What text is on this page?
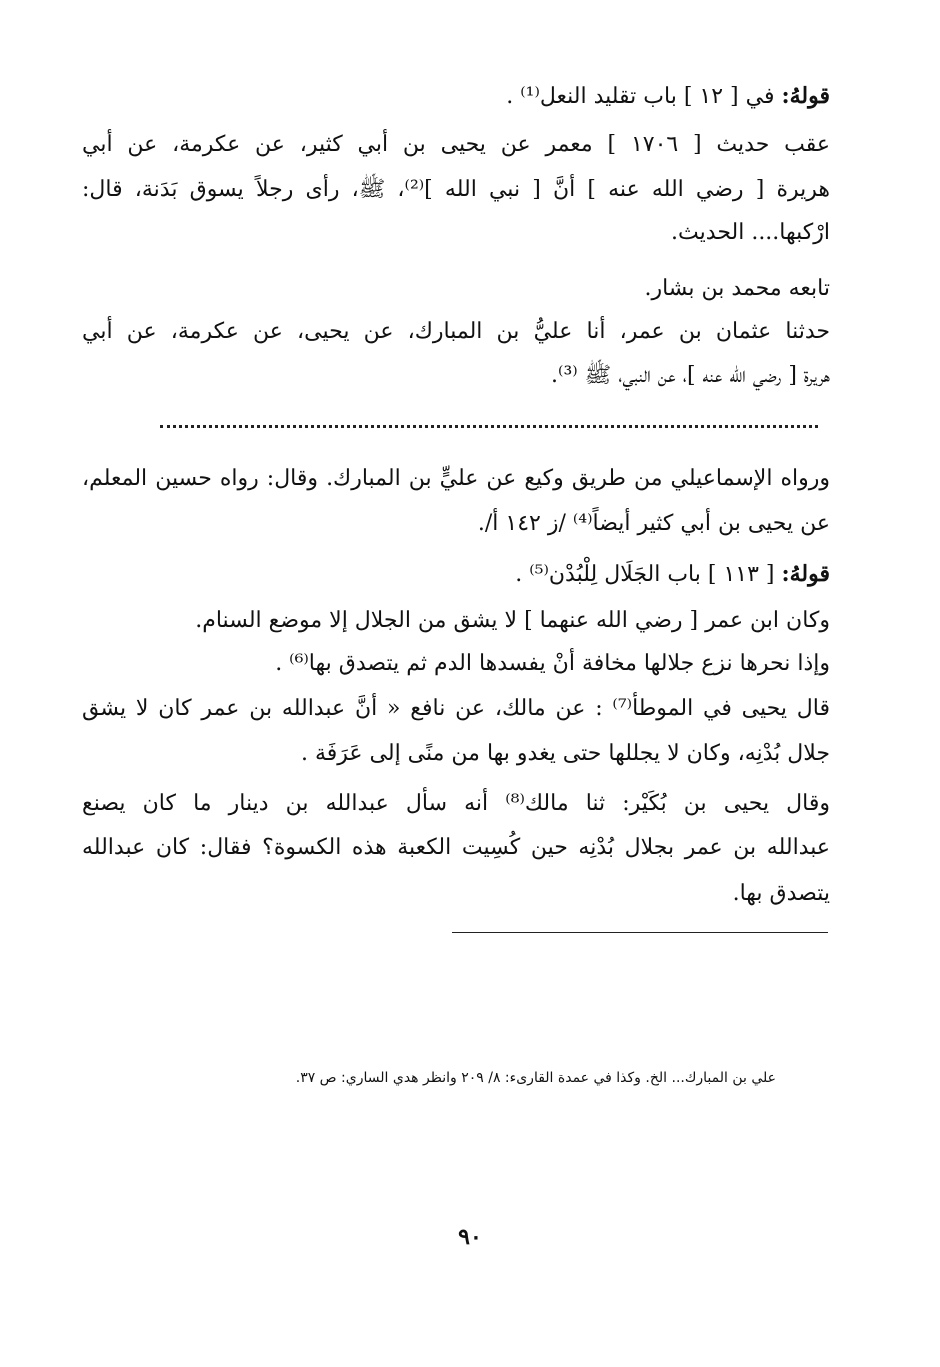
قولهُ: في [ ١٢ ] باب تقليد النعل⁽¹⁾ .
عقب حديث [ ١٧٠٦ ] معمر عن يحيى بن أبي كثير، عن عكرمة، عن أبي
هريرة [ رضي الله عنه ] أنَّ [ نبي الله ]⁽²⁾، ﷺ، رأى رجلاً يسوق بَدَنة، قال:
ارْكبها.... الحديث.
تابعه محمد بن بشار.
حدثنا عثمان بن عمر، أنا عليُّ بن المبارك، عن يحيى، عن عكرمة، عن أبي
هريرة [ رضي الله عنه ]، عن النبي، ﷺ ⁽³⁾.
ورواه الإسماعيلي من طريق وكيع عن عليٍّ بن المبارك. وقال: رواه حسين المعلم،
عن يحيى بن أبي كثير أيضاً⁽⁴⁾ /ز ١٤٢ أ/.
قولهُ: [ ١١٣ ] باب الجَلَال لِلْبُدْن⁽⁵⁾ .
وكان ابن عمر [ رضي الله عنهما ] لا يشق من الجلال إلا موضع السنام.
وإذا نحرها نزع جلالها مخافة أنْ يفسدها الدم ثم يتصدق بها⁽⁶⁾ .
قال يحيى في الموطأ⁽⁷⁾ : عن مالك، عن نافع « أنَّ عبدالله بن عمر كان لا يشق
جلال بُدْنِه، وكان لا يجللها حتى يغدو بها من منًى إلى عَرَفَة .
وقال يحيى بن بُكَيْر: ثنا مالك⁽⁸⁾ أنه سأل عبدالله بن دينار ما كان يصنع
عبدالله بن عمر بجلال بُدْنِه حين كُسِيت الكعبة هذه الكسوة؟ فقال: كان عبدالله
يتصدق بها.
علي بن المبارك... الخ. وكذا في عمدة القارىء: ٨/ ٢٠٩ وانظر هدي الساري: ص ٣٧.
٩٠
